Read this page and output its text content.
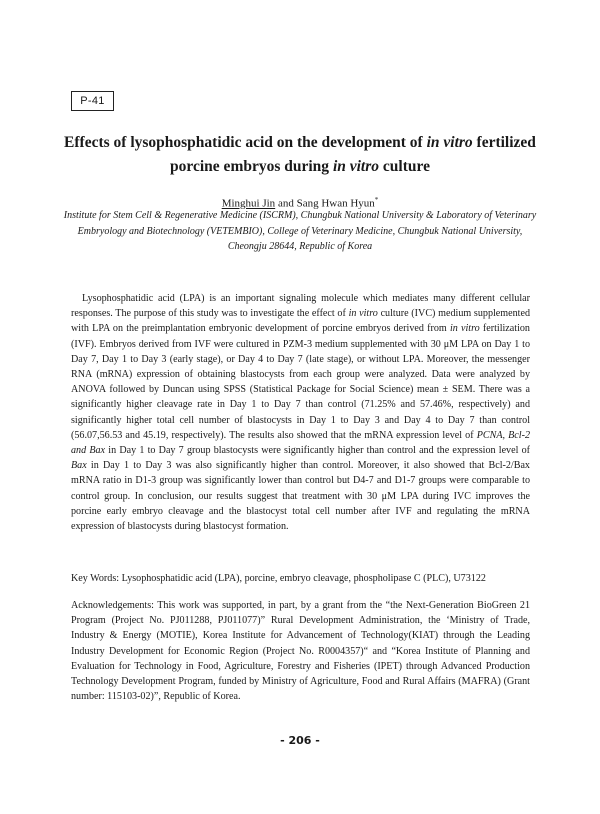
P-41
Effects of lysophosphatidic acid on the development of in vitro fertilized
porcine embryos during in vitro culture
Minghui Jin and Sang Hwan Hyun*
Institute for Stem Cell & Regenerative Medicine (ISCRM), Chungbuk National University & Laboratory of Veterinary Embryology and Biotechnology (VETEMBIO), College of Veterinary Medicine, Chungbuk National University, Cheongju 28644, Republic of Korea

Lysophosphatidic acid (LPA) is an important signaling molecule which mediates many different cellular responses. The purpose of this study was to investigate the effect of in vitro culture (IVC) medium supplemented with LPA on the preimplantation embryonic development of porcine embryos derived from in vitro fertilization (IVF). Embryos derived from IVF were cultured in PZM-3 medium supplemented with 30 μM LPA on Day 1 to Day 7, Day 1 to Day 3 (early stage), or Day 4 to Day 7 (late stage), or without LPA. Moreover, the messenger RNA (mRNA) expression of obtaining blastocysts from each group were analyzed. Data were analyzed by ANOVA followed by Duncan using SPSS (Statistical Package for Social Science) mean ± SEM. There was a significantly higher cleavage rate in Day 1 to Day 7 than control (71.25% and 57.46%, respectively) and significantly higher total cell number of blastocysts in Day 1 to Day 3 and Day 4 to Day 7 than control (56.07,56.53 and 45.19, respectively). The results also showed that the mRNA expression level of PCNA, Bcl-2 and Bax in Day 1 to Day 7 group blastocysts were significantly higher than control and the expression level of Bax in Day 1 to Day 3 was also significantly higher than control. Moreover, it also showed that Bcl-2/Bax mRNA ratio in D1-3 group was significantly lower than control but D4-7 and D1-7 groups were comparable to control group. In conclusion, our results suggest that treatment with 30 μM LPA during IVC improves the porcine early embryo cleavage and the blastocyst total cell number after IVF and regulating the mRNA expression of blastocysts during blastocyst formation.

Key Words: Lysophosphatidic acid (LPA), porcine, embryo cleavage, phospholipase C (PLC), U73122

Acknowledgements: This work was supported, in part, by a grant from the “the Next-Generation BioGreen 21 Program (Project No. PJ011288, PJ011077)” Rural Development Administration, the ‘Ministry of Trade, Industry & Energy (MOTIE), Korea Institute for Advancement of Technology(KIAT) through the Leading Industry Development for Economic Region (Project No. R0004357)“ and “Korea Institute of Planning and Evaluation for Technology in Food, Agriculture, Forestry and Fisheries (IPET) through Advanced Production Technology Development Program, funded by Ministry of Agriculture, Food and Rural Affairs (MAFRA) (Grant number: 115103-02)”, Republic of Korea.

- 206 -
